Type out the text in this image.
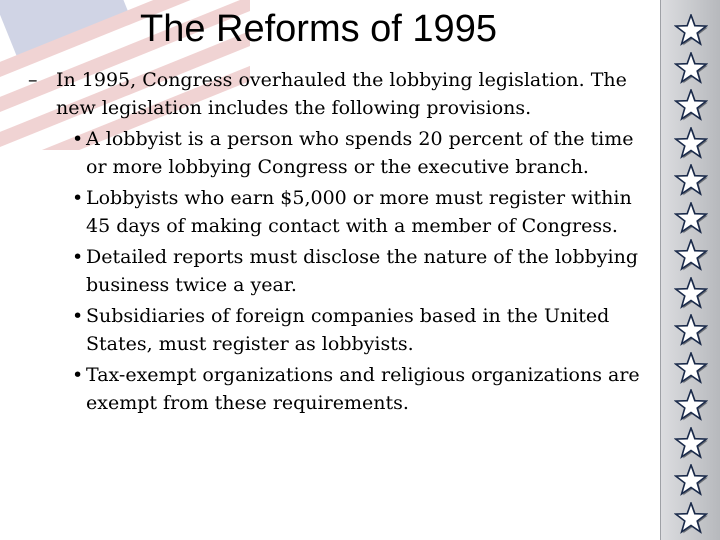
The Reforms of 1995
– In 1995, Congress overhauled the lobbying legislation. The new legislation includes the following provisions.
• A lobbyist is a person who spends 20 percent of the time or more lobbying Congress or the executive branch.
• Lobbyists who earn $5,000 or more must register within 45 days of making contact with a member of Congress.
• Detailed reports must disclose the nature of the lobbying business twice a year.
• Subsidiaries of foreign companies based in the United States, must register as lobbyists.
• Tax-exempt organizations and religious organizations are exempt from these requirements.
